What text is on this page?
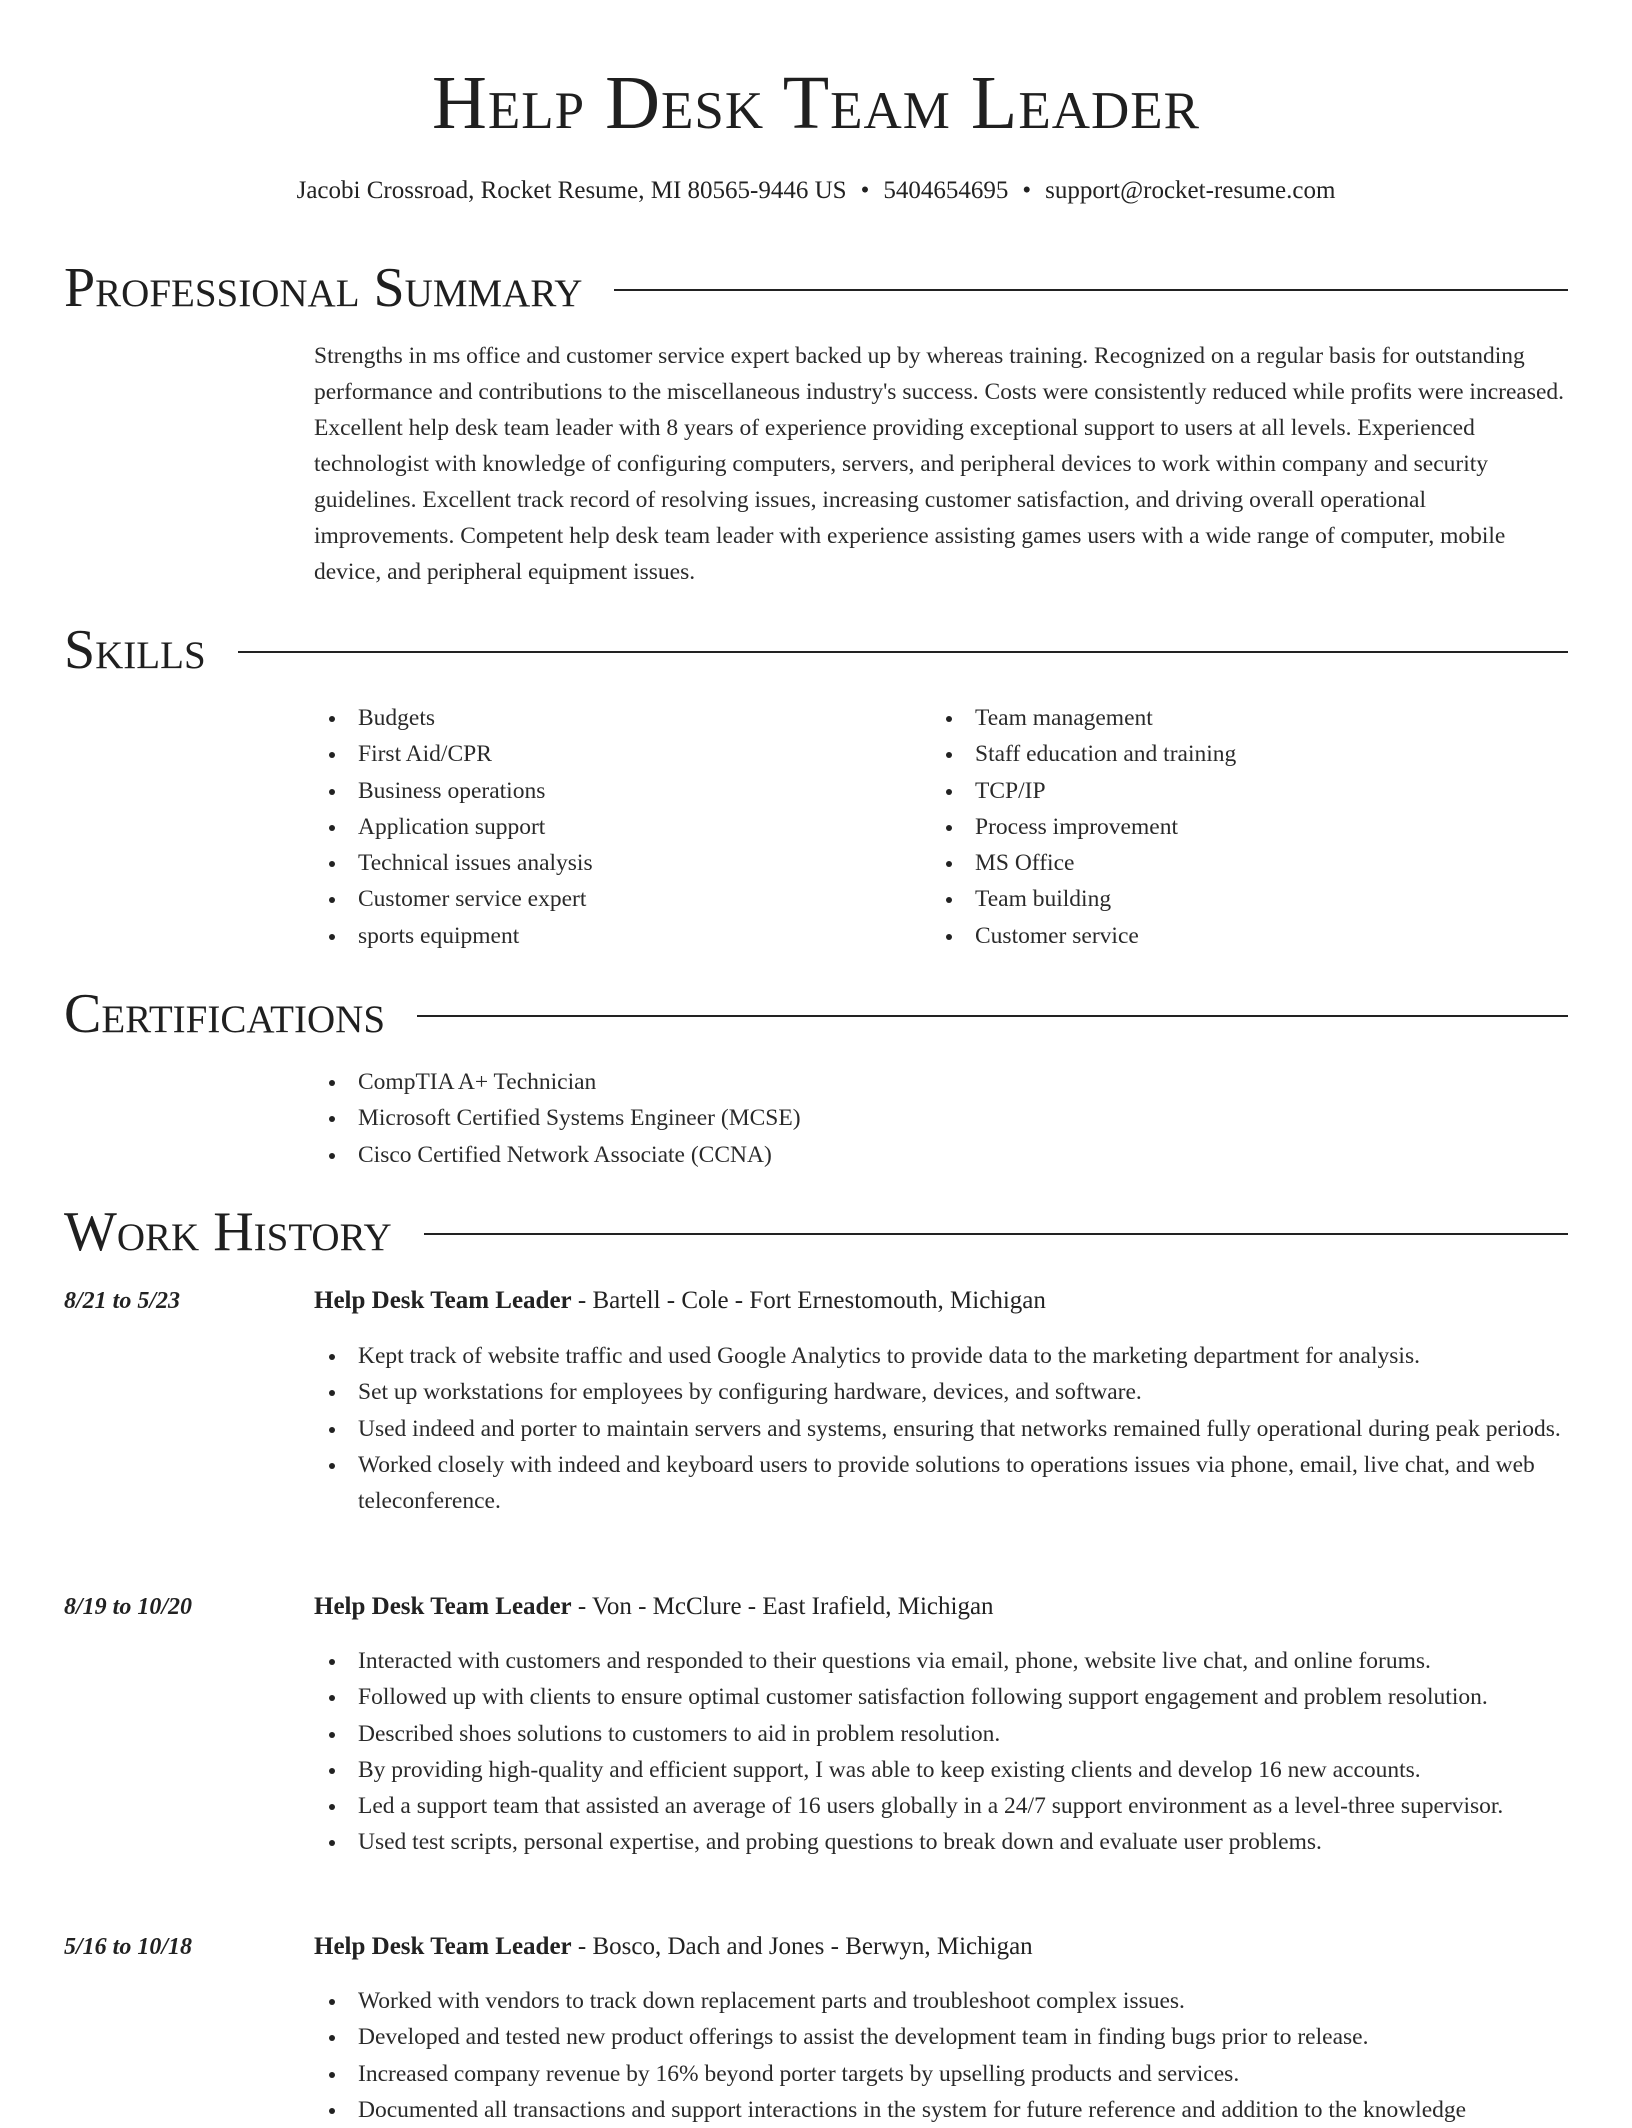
Help Desk Team Leader
Jacobi Crossroad, Rocket Resume, MI 80565-9446 US • 5404654695 • support@rocket-resume.com
Professional Summary
Strengths in ms office and customer service expert backed up by whereas training. Recognized on a regular basis for outstanding performance and contributions to the miscellaneous industry's success. Costs were consistently reduced while profits were increased. Excellent help desk team leader with 8 years of experience providing exceptional support to users at all levels. Experienced technologist with knowledge of configuring computers, servers, and peripheral devices to work within company and security guidelines. Excellent track record of resolving issues, increasing customer satisfaction, and driving overall operational improvements. Competent help desk team leader with experience assisting games users with a wide range of computer, mobile device, and peripheral equipment issues.
Skills
Budgets
First Aid/CPR
Business operations
Application support
Technical issues analysis
Customer service expert
sports equipment
Team management
Staff education and training
TCP/IP
Process improvement
MS Office
Team building
Customer service
Certifications
CompTIA A+ Technician
Microsoft Certified Systems Engineer (MCSE)
Cisco Certified Network Associate (CCNA)
Work History
8/21 to 5/23	Help Desk Team Leader - Bartell - Cole - Fort Ernestomouth, Michigan
Kept track of website traffic and used Google Analytics to provide data to the marketing department for analysis.
Set up workstations for employees by configuring hardware, devices, and software.
Used indeed and porter to maintain servers and systems, ensuring that networks remained fully operational during peak periods.
Worked closely with indeed and keyboard users to provide solutions to operations issues via phone, email, live chat, and web teleconference.
8/19 to 10/20	Help Desk Team Leader - Von - McClure - East Irafield, Michigan
Interacted with customers and responded to their questions via email, phone, website live chat, and online forums.
Followed up with clients to ensure optimal customer satisfaction following support engagement and problem resolution.
Described shoes solutions to customers to aid in problem resolution.
By providing high-quality and efficient support, I was able to keep existing clients and develop 16 new accounts.
Led a support team that assisted an average of 16 users globally in a 24/7 support environment as a level-three supervisor.
Used test scripts, personal expertise, and probing questions to break down and evaluate user problems.
5/16 to 10/18	Help Desk Team Leader - Bosco, Dach and Jones - Berwyn, Michigan
Worked with vendors to track down replacement parts and troubleshoot complex issues.
Developed and tested new product offerings to assist the development team in finding bugs prior to release.
Increased company revenue by 16% beyond porter targets by upselling products and services.
Documented all transactions and support interactions in the system for future reference and addition to the knowledge
